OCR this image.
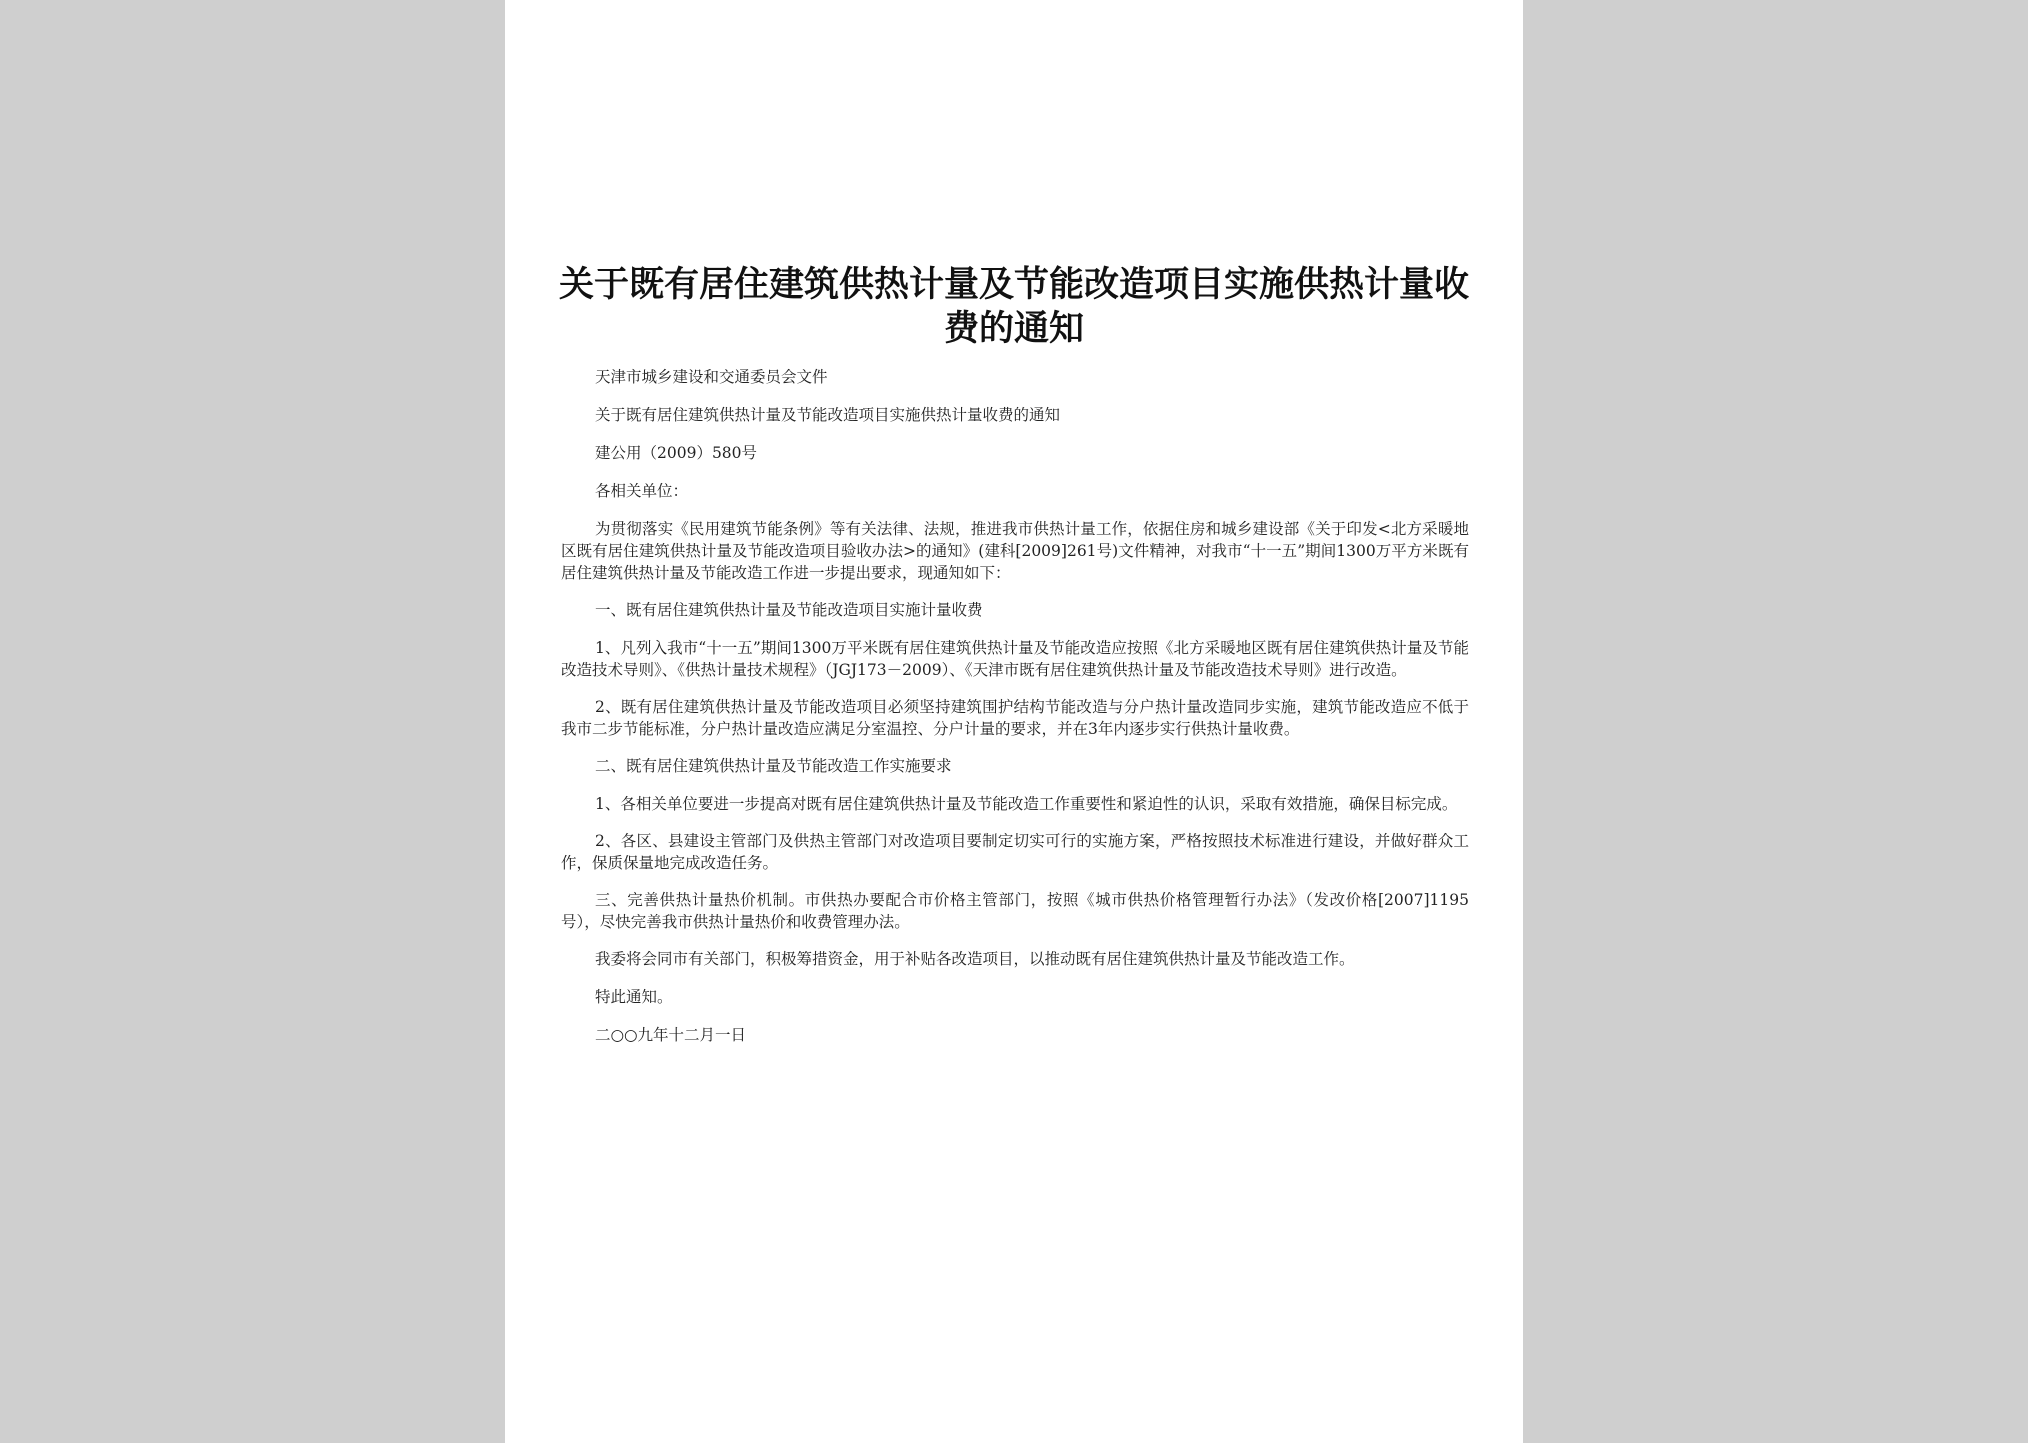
关于既有居住建筑供热计量及节能改造项目实施供热计量收费的通知

天津市城乡建设和交通委员会文件

关于既有居住建筑供热计量及节能改造项目实施供热计量收费的通知

建公用（2009）580号

各相关单位：

为贯彻落实《民用建筑节能条例》等有关法律、法规，推进我市供热计量工作，依据住房和城乡建设部《关于印发<北方采暖地区既有居住建筑供热计量及节能改造项目验收办法>的通知》(建科[2009]261号)文件精神，对我市“十一五”期间1300万平方米既有居住建筑供热计量及节能改造工作进一步提出要求，现通知如下：

一、既有居住建筑供热计量及节能改造项目实施计量收费

1、凡列入我市“十一五”期间1300万平米既有居住建筑供热计量及节能改造应按照《北方采暖地区既有居住建筑供热计量及节能改造技术导则》、《供热计量技术规程》（JGJ173－2009）、《天津市既有居住建筑供热计量及节能改造技术导则》进行改造。

2、既有居住建筑供热计量及节能改造项目必须坚持建筑围护结构节能改造与分户热计量改造同步实施，建筑节能改造应不低于我市二步节能标准，分户热计量改造应满足分室温控、分户计量的要求，并在3年内逐步实行供热计量收费。

二、既有居住建筑供热计量及节能改造工作实施要求

1、各相关单位要进一步提高对既有居住建筑供热计量及节能改造工作重要性和紧迫性的认识，采取有效措施，确保目标完成。

2、各区、县建设主管部门及供热主管部门对改造项目要制定切实可行的实施方案，严格按照技术标准进行建设，并做好群众工作，保质保量地完成改造任务。

三、完善供热计量热价机制。市供热办要配合市价格主管部门，按照《城市供热价格管理暂行办法》（发改价格[2007]1195号），尽快完善我市供热计量热价和收费管理办法。

我委将会同市有关部门，积极筹措资金，用于补贴各改造项目，以推动既有居住建筑供热计量及节能改造工作。

特此通知。

二○○九年十二月一日
